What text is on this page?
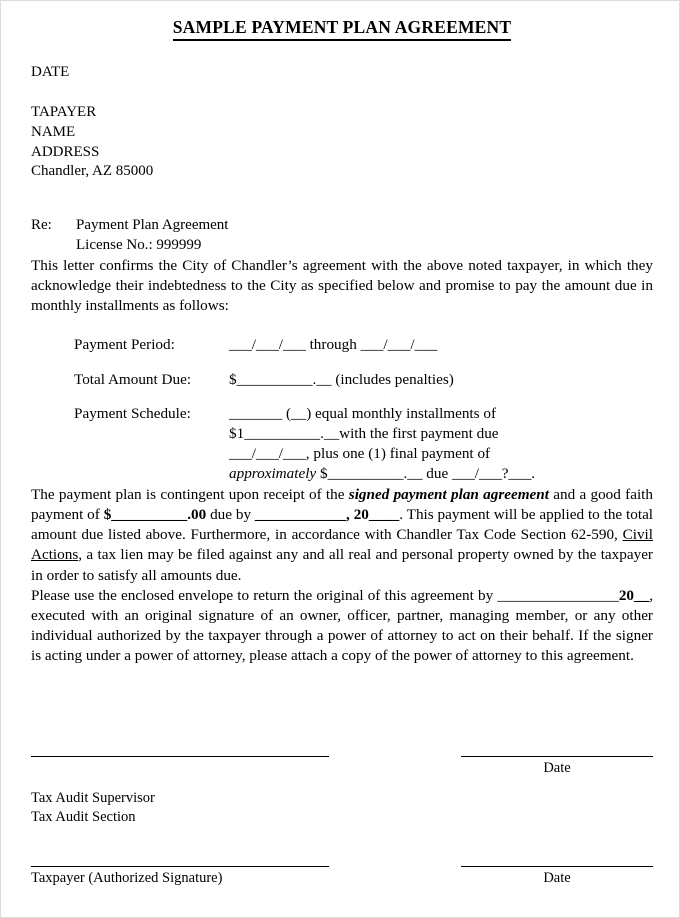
SAMPLE PAYMENT PLAN AGREEMENT
DATE
TAPAYER
NAME
ADDRESS
Chandler, AZ 85000
Re: Payment Plan Agreement
License No.: 999999

This letter confirms the City of Chandler’s agreement with the above noted taxpayer, in which they acknowledge their indebtedness to the City as specified below and promise to pay the amount due in monthly installments as follows:

Payment Period:	___/___/___ through ___/___/___
Total Amount Due:	$__________.__ (includes penalties)
Payment Schedule:	_______ (__) equal monthly installments of
$1__________.__with the first payment due
___/___/___, plus one (1) final payment of
approximately $__________.__ due ___/___?___.

The payment plan is contingent upon receipt of the signed payment plan agreement and a good faith payment of $__________.00 due by ____________, 20____. This payment will be applied to the total amount due listed above. Furthermore, in accordance with Chandler Tax Code Section 62-590, Civil Actions, a tax lien may be filed against any and all real and personal property owned by the taxpayer in order to satisfy all amounts due.

Please use the enclosed envelope to return the original of this agreement by ________________20__, executed with an original signature of an owner, officer, partner, managing member, or any other individual authorized by the taxpayer through a power of attorney to act on their behalf. If the signer is acting under a power of attorney, please attach a copy of the power of attorney to this agreement.

Date
Tax Audit Supervisor
Tax Audit Section
Taxpayer (Authorized Signature)	Date
